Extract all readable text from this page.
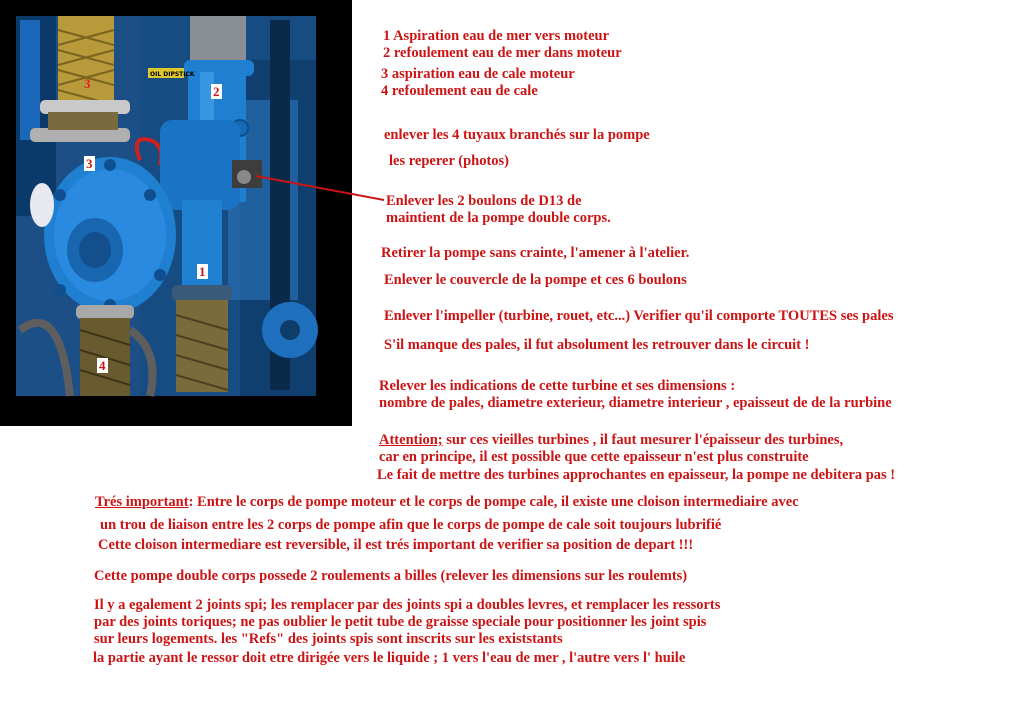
OIL DIPSTICK
3
2
3
1
4
1 Aspiration eau de mer vers moteur
2 refoulement eau de mer dans moteur
3 aspiration eau de cale moteur
4 refoulement eau de cale
enlever les 4 tuyaux branchés sur la pompe
les reperer (photos)
Enlever les 2 boulons de D13 de
maintient de la pompe double corps.
Retirer la pompe sans crainte, l'amener à l'atelier.
Enlever le couvercle de la pompe et ces 6 boulons
Enlever l'impeller (turbine, rouet, etc...) Verifier qu'il comporte TOUTES ses pales
S'il manque des pales, il fut absolument les retrouver dans le circuit !
Relever les indications de cette turbine et ses dimensions :
nombre de pales, diametre exterieur, diametre interieur , epaisseut de de la rurbine
Attention; sur ces vieilles turbines , il faut mesurer l'épaisseur des turbines,
car en principe, il est possible que cette epaisseur n'est plus construite
Le fait de mettre des turbines approchantes en epaisseur, la pompe ne debitera pas !
Trés important: Entre le corps de pompe moteur et le corps de pompe cale, il existe une cloison intermediaire avec
un trou de liaison entre les 2 corps de pompe afin que le corps de pompe de cale soit toujours lubrifié
Cette cloison intermediare est reversible, il est trés important de verifier sa position de depart !!!
Cette pompe double corps possede 2 roulements a billes (relever les dimensions sur les roulemts)
Il y a egalement 2 joints spi; les remplacer par des joints spi a doubles levres, et remplacer les ressorts
par des joints toriques; ne pas oublier le petit tube de graisse speciale pour positionner les joint spis
sur leurs logements. les "Refs" des joints spis sont inscrits sur les existstants
la partie ayant le ressor doit etre dirigée vers le liquide ; 1 vers l'eau de mer , l'autre vers l' huile
